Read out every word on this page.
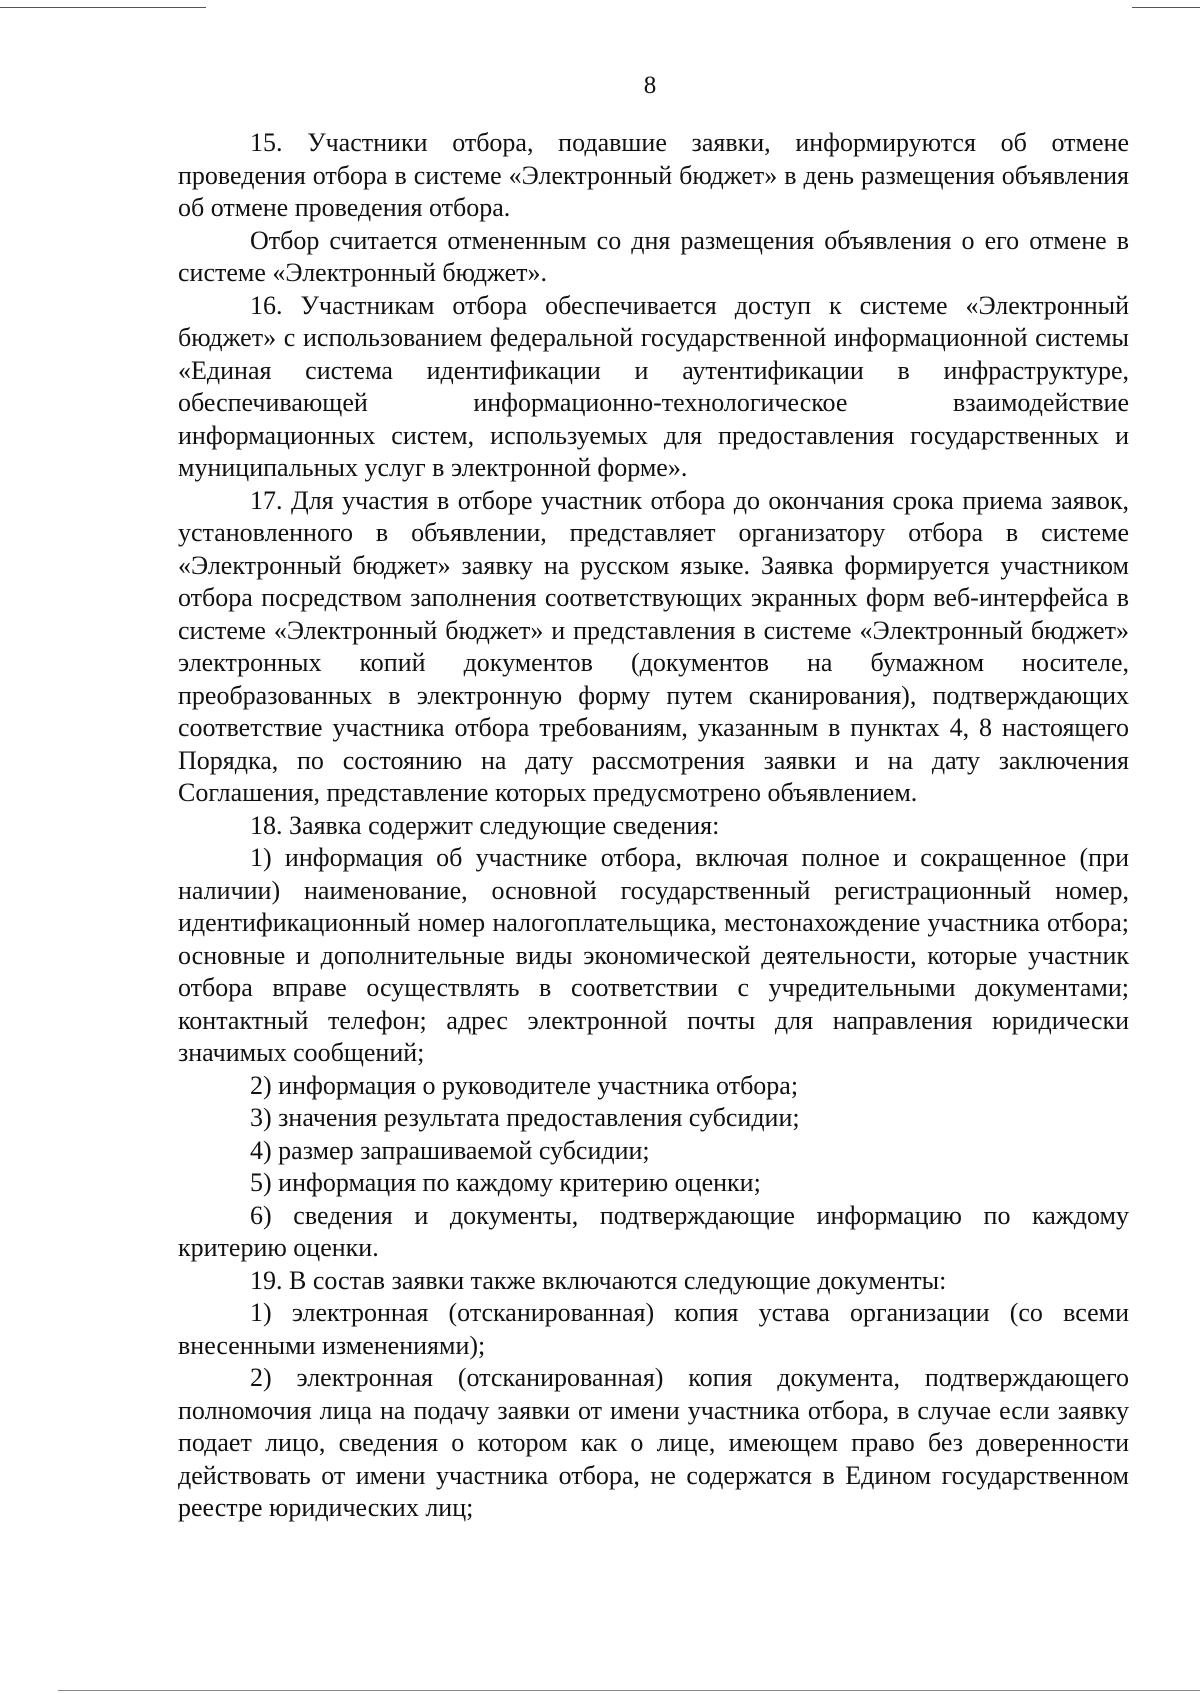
8

15. Участники отбора, подавшие заявки, информируются об отмене проведения отбора в системе «Электронный бюджет» в день размещения объявления об отмене проведения отбора.

Отбор считается отмененным со дня размещения объявления о его отмене в системе «Электронный бюджет».

16. Участникам отбора обеспечивается доступ к системе «Электронный бюджет» с использованием федеральной государственной информационной системы «Единая система идентификации и аутентификации в инфраструктуре, обеспечивающей информационно-технологическое взаимодействие информационных систем, используемых для предоставления государственных и муниципальных услуг в электронной форме».

17. Для участия в отборе участник отбора до окончания срока приема заявок, установленного в объявлении, представляет организатору отбора в системе «Электронный бюджет» заявку на русском языке. Заявка формируется участником отбора посредством заполнения соответствующих экранных форм веб-интерфейса в системе «Электронный бюджет» и представления в системе «Электронный бюджет» электронных копий документов (документов на бумажном носителе, преобразованных в электронную форму путем сканирования), подтверждающих соответствие участника отбора требованиям, указанным в пунктах 4, 8 настоящего Порядка, по состоянию на дату рассмотрения заявки и на дату заключения Соглашения, представление которых предусмотрено объявлением.

18. Заявка содержит следующие сведения:

1) информация об участнике отбора, включая полное и сокращенное (при наличии) наименование, основной государственный регистрационный номер, идентификационный номер налогоплательщика, местонахождение участника отбора; основные и дополнительные виды экономической деятельности, которые участник отбора вправе осуществлять в соответствии с учредительными документами; контактный телефон; адрес электронной почты для направления юридически значимых сообщений;

2) информация о руководителе участника отбора;

3) значения результата предоставления субсидии;

4) размер запрашиваемой субсидии;

5) информация по каждому критерию оценки;

6) сведения и документы, подтверждающие информацию по каждому критерию оценки.

19. В состав заявки также включаются следующие документы:

1) электронная (отсканированная) копия устава организации (со всеми внесенными изменениями);

2) электронная (отсканированная) копия документа, подтверждающего полномочия лица на подачу заявки от имени участника отбора, в случае если заявку подает лицо, сведения о котором как о лице, имеющем право без доверенности действовать от имени участника отбора, не содержатся в Едином государственном реестре юридических лиц;
